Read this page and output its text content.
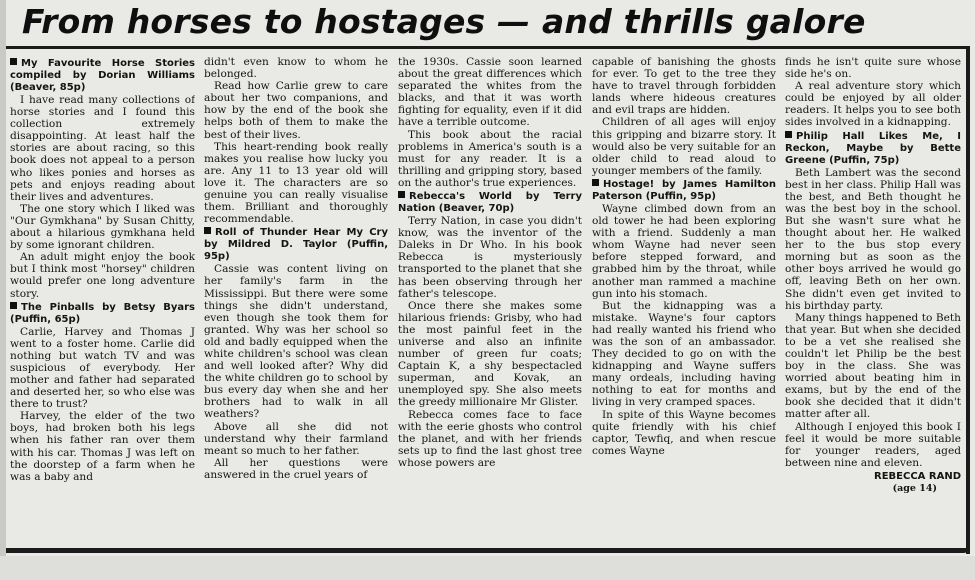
From horses to hostages — and thrills galore

My Favourite Horse Stories compiled by Dorian Williams (Beaver, 85p)

I have read many collections of horse stories and I found this collection extremely disappointing. At least half the stories are about racing, so this book does not appeal to a person who likes ponies and horses as pets and enjoys reading about their lives and adventures.

The one story which I liked was "Our Gymkhana" by Susan Chitty, about a hilarious gymkhana held by some ignorant children.

An adult might enjoy the book but I think most "horsey" children would prefer one long adventure story.

The Pinballs by Betsy Byars (Puffin, 65p)

Carlie, Harvey and Thomas J went to a foster home. Carlie did nothing but watch TV and was suspicious of everybody. Her mother and father had separated and deserted her, so who else was there to trust?

Harvey, the elder of the two boys, had broken both his legs when his father ran over them with his car. Thomas J was left on the doorstep of a farm when he was a baby and

didn't even know to whom he belonged.

Read how Carlie grew to care about her two companions, and how by the end of the book she helps both of them to make the best of their lives.

This heart-rending book really makes you realise how lucky you are. Any 11 to 13 year old will love it. The characters are so genuine you can really visualise them. Brilliant and thoroughly recommendable.

Roll of Thunder Hear My Cry by Mildred D. Taylor (Puffin, 95p)

Cassie was content living on her family's farm in the Mississippi. But there were some things she didn't understand, even though she took them for granted. Why was her school so old and badly equipped when the white children's school was clean and well looked after? Why did the white children go to school by bus every day when she and her brothers had to walk in all weathers?

Above all she did not understand why their farmland meant so much to her father.

All her questions were answered in the cruel years of

the 1930s. Cassie soon learned about the great differences which separated the whites from the blacks, and that it was worth fighting for equality, even if it did have a terrible outcome.

This book about the racial problems in America's south is a must for any reader. It is a thrilling and gripping story, based on the author's true experiences.

Rebecca's World by Terry Nation (Beaver, 70p)

Terry Nation, in case you didn't know, was the inventor of the Daleks in Dr Who. In his book Rebecca is mysteriously transported to the planet that she has been observing through her father's telescope.

Once there she makes some hilarious friends: Grisby, who had the most painful feet in the universe and also an infinite number of green fur coats; Captain K, a shy bespectacled superman, and Kovak, an unemployed spy. She also meets the greedy millionaire Mr Glister.

Rebecca comes face to face with the eerie ghosts who control the planet, and with her friends sets up to find the last ghost tree whose powers are

capable of banishing the ghosts for ever. To get to the tree they have to travel through forbidden lands where hideous creatures and evil traps are hidden.

Children of all ages will enjoy this gripping and bizarre story. It would also be very suitable for an older child to read aloud to younger members of the family.

Hostage! by James Hamilton Paterson (Puffin, 95p)

Wayne climbed down from an old tower he had been exploring with a friend. Suddenly a man whom Wayne had never seen before stepped forward, and grabbed him by the throat, while another man rammed a machine gun into his stomach.

But the kidnapping was a mistake. Wayne's four captors had really wanted his friend who was the son of an ambassador. They decided to go on with the kidnapping and Wayne suffers many ordeals, including having nothing to eat for months and living in very cramped spaces.

In spite of this Wayne becomes quite friendly with his chief captor, Tewfiq, and when rescue comes Wayne

finds he isn't quite sure whose side he's on.

A real adventure story which could be enjoyed by all older readers. It helps you to see both sides involved in a kidnapping.

Philip Hall Likes Me, I Reckon, Maybe by Bette Greene (Puffin, 75p)

Beth Lambert was the second best in her class. Philip Hall was the best, and Beth thought he was the best boy in the school. But she wasn't sure what he thought about her. He walked her to the bus stop every morning but as soon as the other boys arrived he would go off, leaving Beth on her own. She didn't even get invited to his birthday party.

Many things happened to Beth that year. But when she decided to be a vet she realised she couldn't let Philip be the best boy in the class. She was worried about beating him in exams, but by the end of the book she decided that it didn't matter after all.

Although I enjoyed this book I feel it would be more suitable for younger readers, aged between nine and eleven.

REBECCA RAND
(age 14)
